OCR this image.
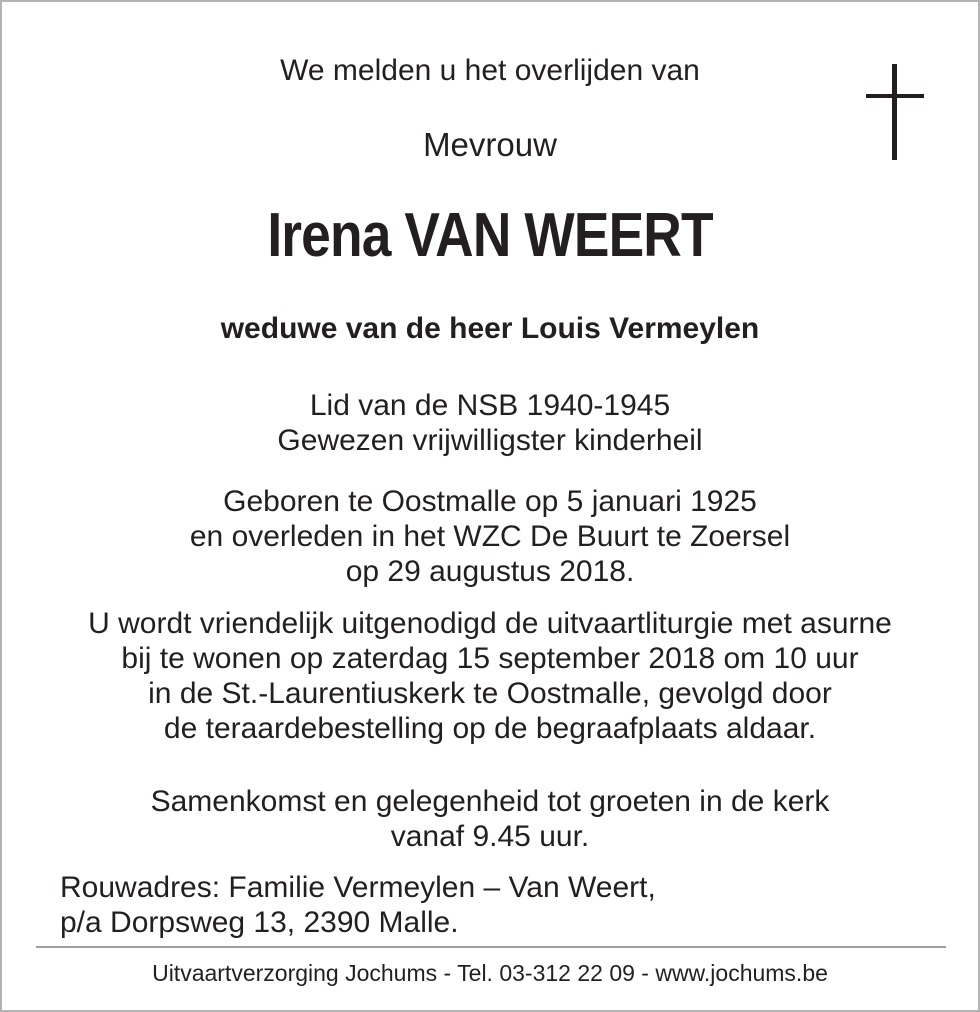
We melden u het overlijden van
Mevrouw
Irena VAN WEERT
weduwe van de heer Louis Vermeylen
Lid van de NSB 1940-1945
Gewezen vrijwilligster kinderheil
Geboren te Oostmalle op 5 januari 1925
en overleden in het WZC De Buurt te Zoersel
op 29 augustus 2018.
U wordt vriendelijk uitgenodigd de uitvaartliturgie met asurne
bij te wonen op zaterdag 15 september 2018 om 10 uur
in de St.-Laurentiuskerk te Oostmalle, gevolgd door
de teraardebestelling op de begraafplaats aldaar.
Samenkomst en gelegenheid tot groeten in de kerk
vanaf 9.45 uur.
Rouwadres: Familie Vermeylen – Van Weert,
p/a Dorpsweg 13, 2390 Malle.
Uitvaartverzorging Jochums - Tel. 03-312 22 09 - www.jochums.be
